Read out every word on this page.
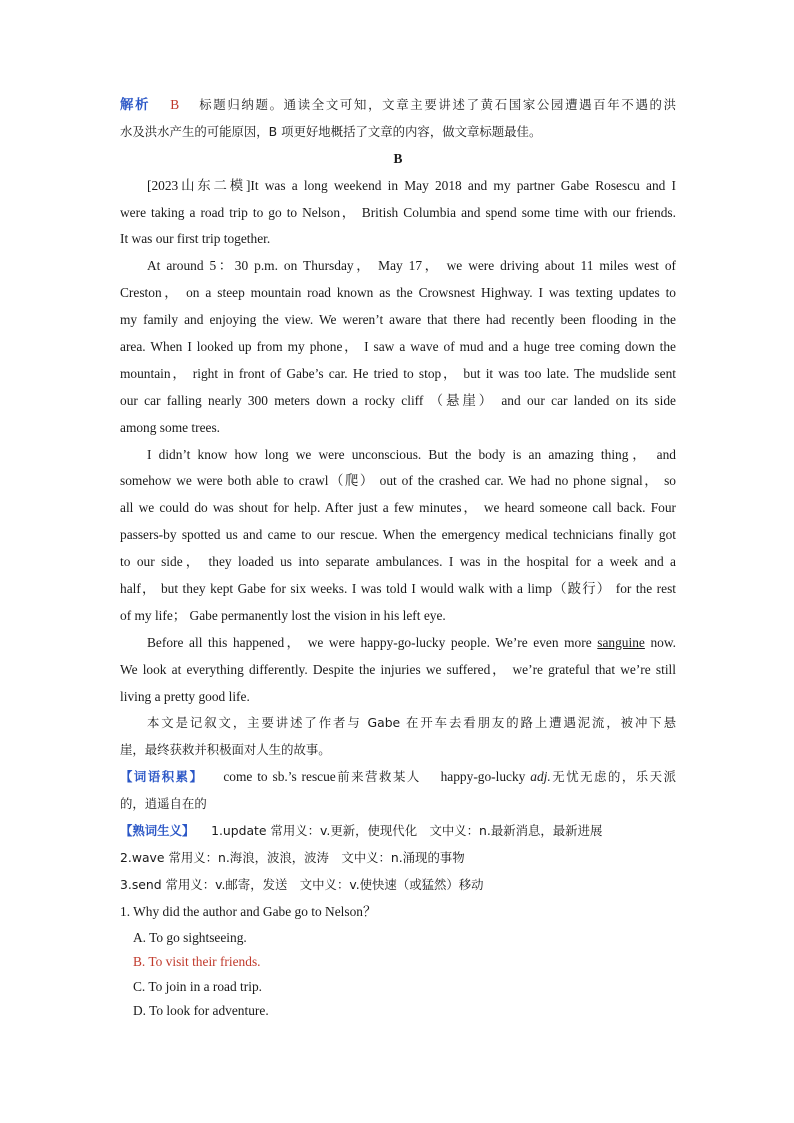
解析 B 标题归纳题。通读全文可知，文章主要讲述了黄石国家公园遭遇百年不遇的洪
水及洪水产生的可能原因，B 项更好地概括了文章的内容，做文章标题最佳。
B
[2023山东二模]It was a long weekend in May 2018 and my partner Gabe Rosescu and I
were taking a road trip to go to Nelson， British Columbia and spend some time with our friends.
It was our first trip together.
At around 5：30 p.m. on Thursday， May 17， we were driving about 11 miles west of
Creston， on a steep mountain road known as the Crowsnest Highway. I was texting updates to
my family and enjoying the view. We weren’t aware that there had recently been flooding in the
area. When I looked up from my phone， I saw a wave of mud and a huge tree coming down the
mountain， right in front of Gabe’s car. He tried to stop， but it was too late. The mudslide sent
our car falling nearly 300 meters down a rocky cliff （悬崖） and our car landed on its side
among some trees.
I didn’t know how long we were unconscious. But the body is an amazing thing， and
somehow we were both able to crawl（爬） out of the crashed car. We had no phone signal， so
all we could do was shout for help. After just a few minutes， we heard someone call back. Four
passers-by spotted us and came to our rescue. When the emergency medical technicians finally got
to our side， they loaded us into separate ambulances. I was in the hospital for a week and a
half， but they kept Gabe for six weeks. I was told I would walk with a limp（跛行） for the rest
of my life； Gabe permanently lost the vision in his left eye.
Before all this happened， we were happy-go-lucky people. We’re even more sanguine now.
We look at everything differently. Despite the injuries we suffered， we’re grateful that we’re still
living a pretty good life.
本文是记叙文，主要讲述了作者与 Gabe 在开车去看朋友的路上遭遇泥流，被冲下悬
崖，最终获救并积极面对人生的故事。
【词语积累】 come to sb.’s rescue前来营救某人 happy-go-lucky adj.无忧无虑的，乐天派
的，逍遥自在的
【熟词生义】 1.update 常用义：v.更新，使现代化　文中义：n.最新消息，最新进展
2.wave 常用义：n.海浪，波浪，波涛　文中义：n.涌现的事物
3.send 常用义：v.邮寄，发送　文中义：v.使快速（或猛然）移动
1. Why did the author and Gabe go to Nelson？
A. To go sightseeing.
B. To visit their friends.
C. To join in a road trip.
D. To look for adventure.
